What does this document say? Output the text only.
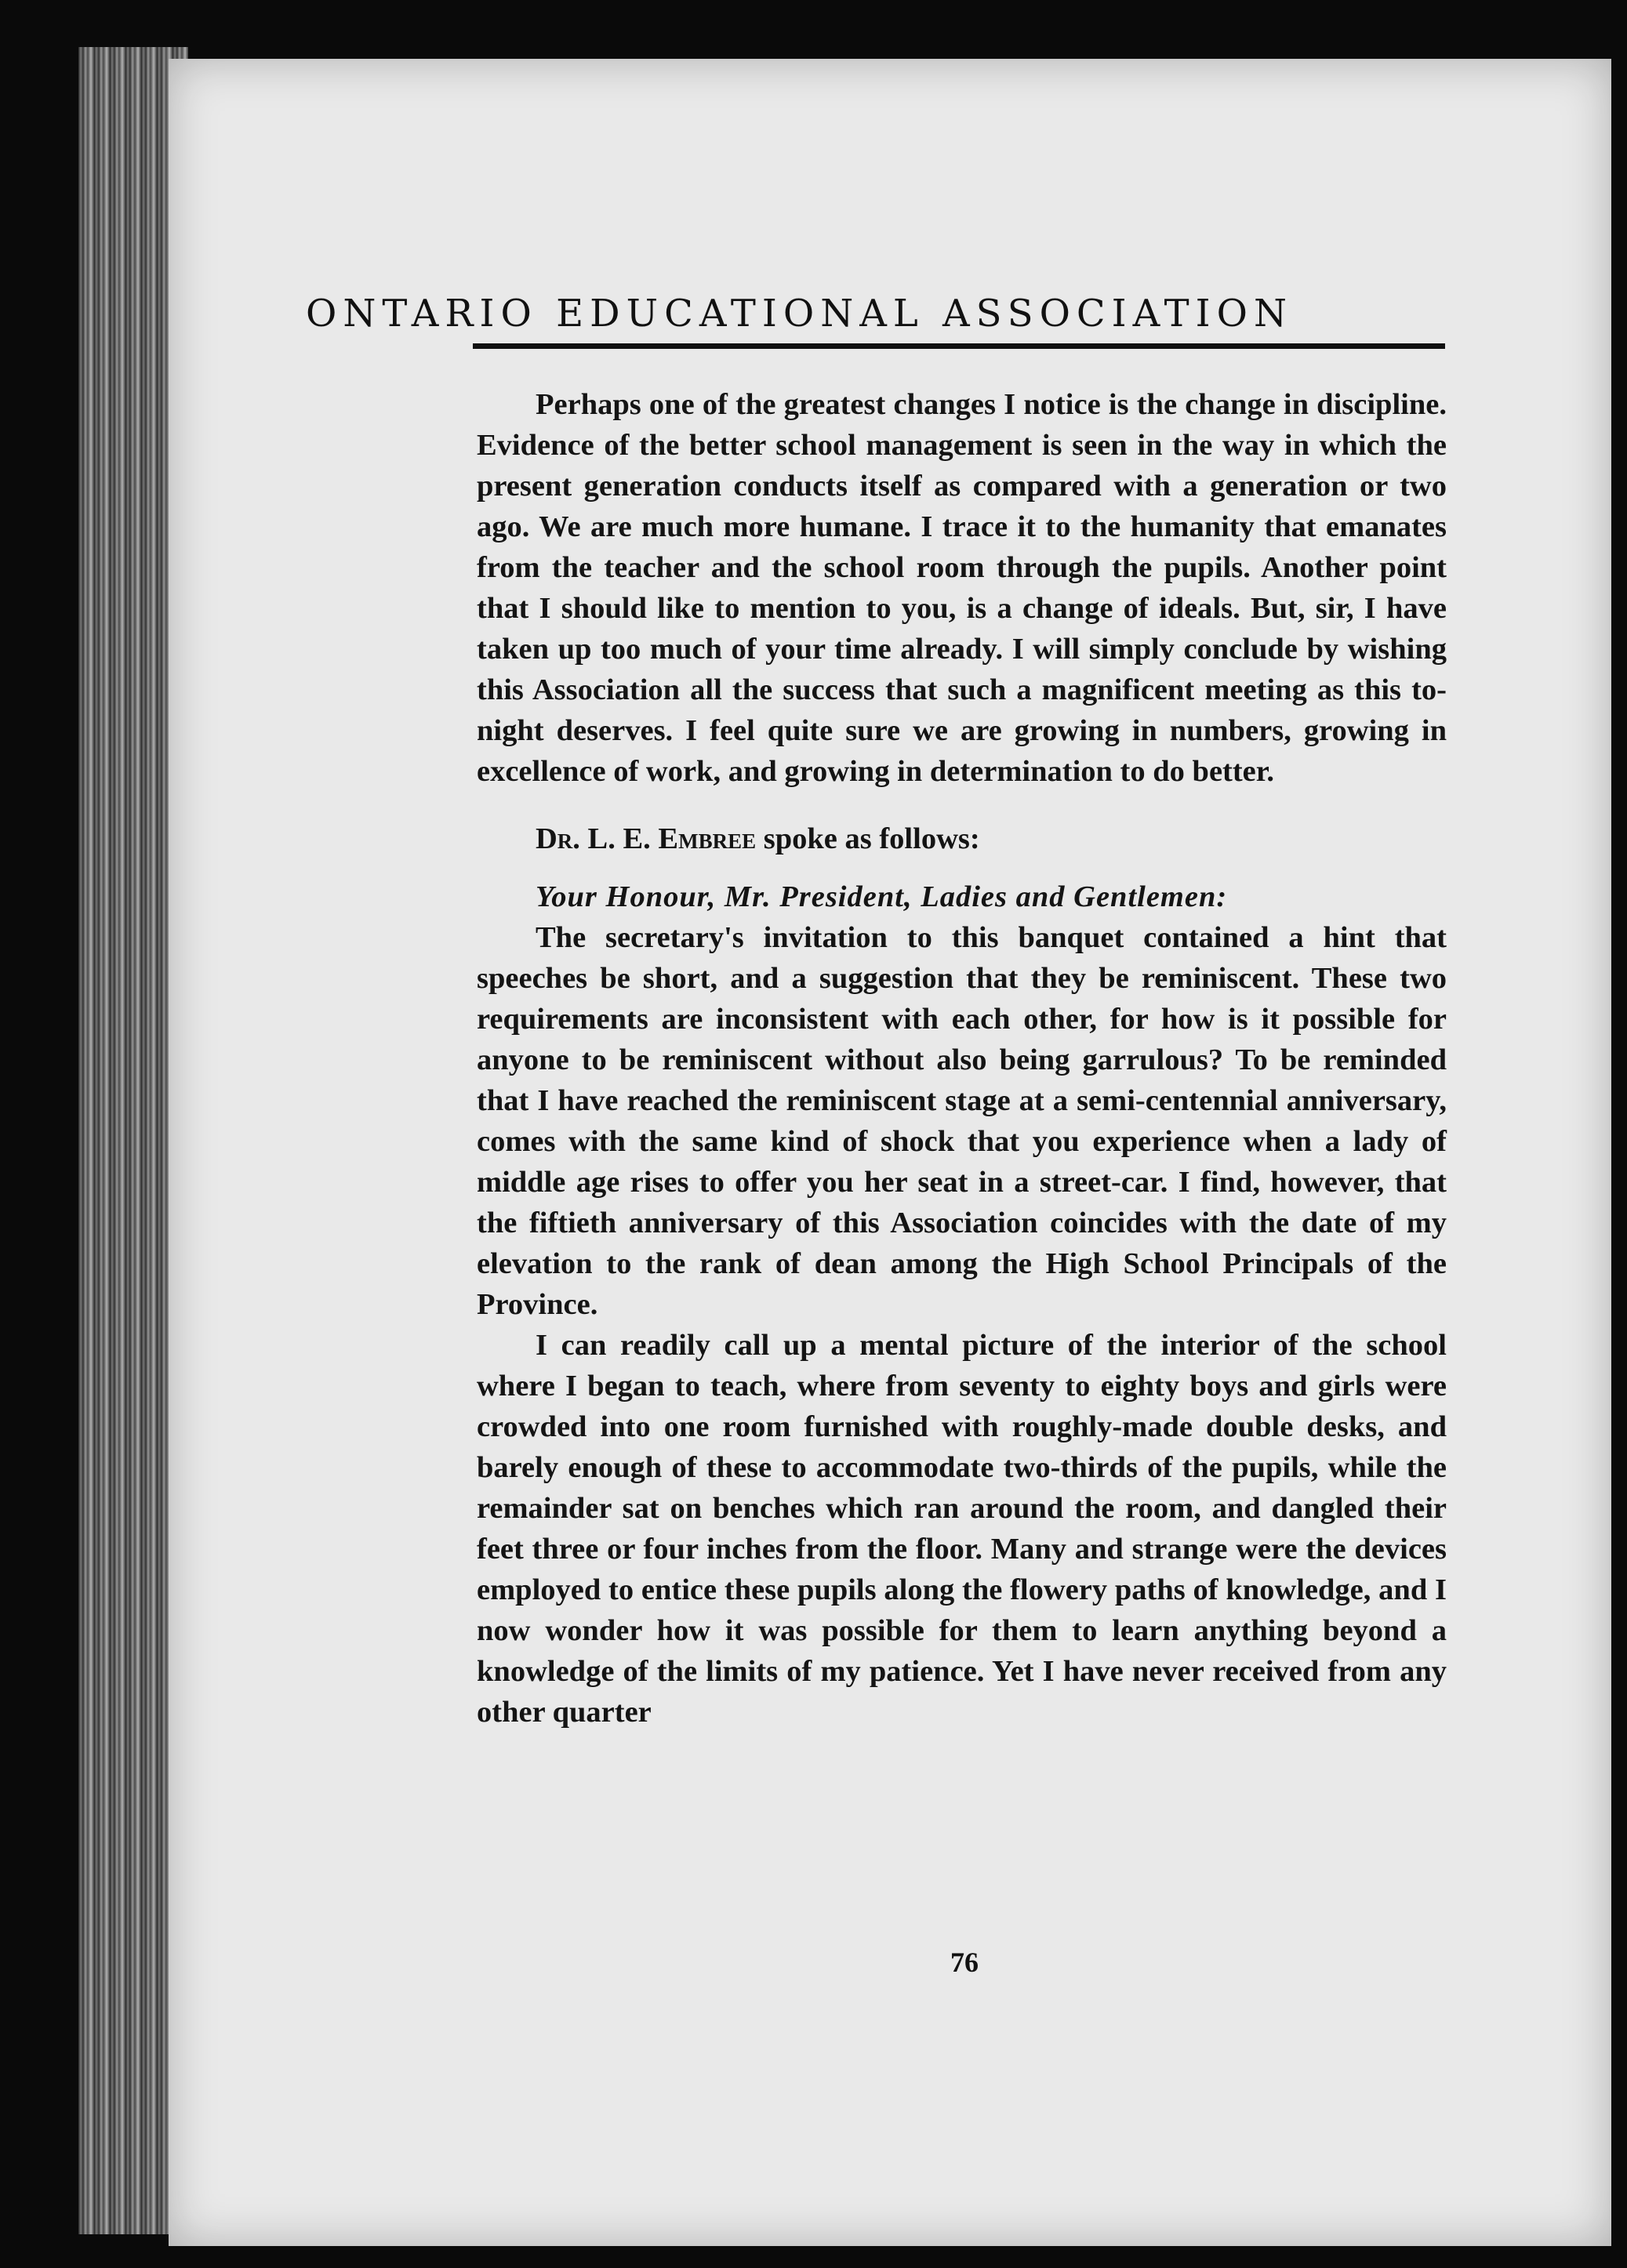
ONTARIO EDUCATIONAL ASSOCIATION

Perhaps one of the greatest changes I notice is the change in discipline. Evidence of the better school management is seen in the way in which the present generation conducts itself as compared with a generation or two ago. We are much more humane. I trace it to the humanity that emanates from the teacher and the school room through the pupils. Another point that I should like to mention to you, is a change of ideals. But, sir, I have taken up too much of your time already. I will simply conclude by wishing this Association all the success that such a magnificent meeting as this to-night deserves. I feel quite sure we are growing in numbers, growing in excellence of work, and growing in determination to do better.

Dr. L. E. Embree spoke as follows:

Your Honour, Mr. President, Ladies and Gentlemen:

The secretary's invitation to this banquet contained a hint that speeches be short, and a suggestion that they be reminiscent. These two requirements are inconsistent with each other, for how is it possible for anyone to be reminiscent without also being garrulous? To be reminded that I have reached the reminiscent stage at a semi-centennial anniversary, comes with the same kind of shock that you experience when a lady of middle age rises to offer you her seat in a street-car. I find, however, that the fiftieth anniversary of this Association coincides with the date of my elevation to the rank of dean among the High School Principals of the Province.

I can readily call up a mental picture of the interior of the school where I began to teach, where from seventy to eighty boys and girls were crowded into one room furnished with roughly-made double desks, and barely enough of these to accommodate two-thirds of the pupils, while the remainder sat on benches which ran around the room, and dangled their feet three or four inches from the floor. Many and strange were the devices employed to entice these pupils along the flowery paths of knowledge, and I now wonder how it was possible for them to learn anything beyond a knowledge of the limits of my patience. Yet I have never received from any other quarter

76
